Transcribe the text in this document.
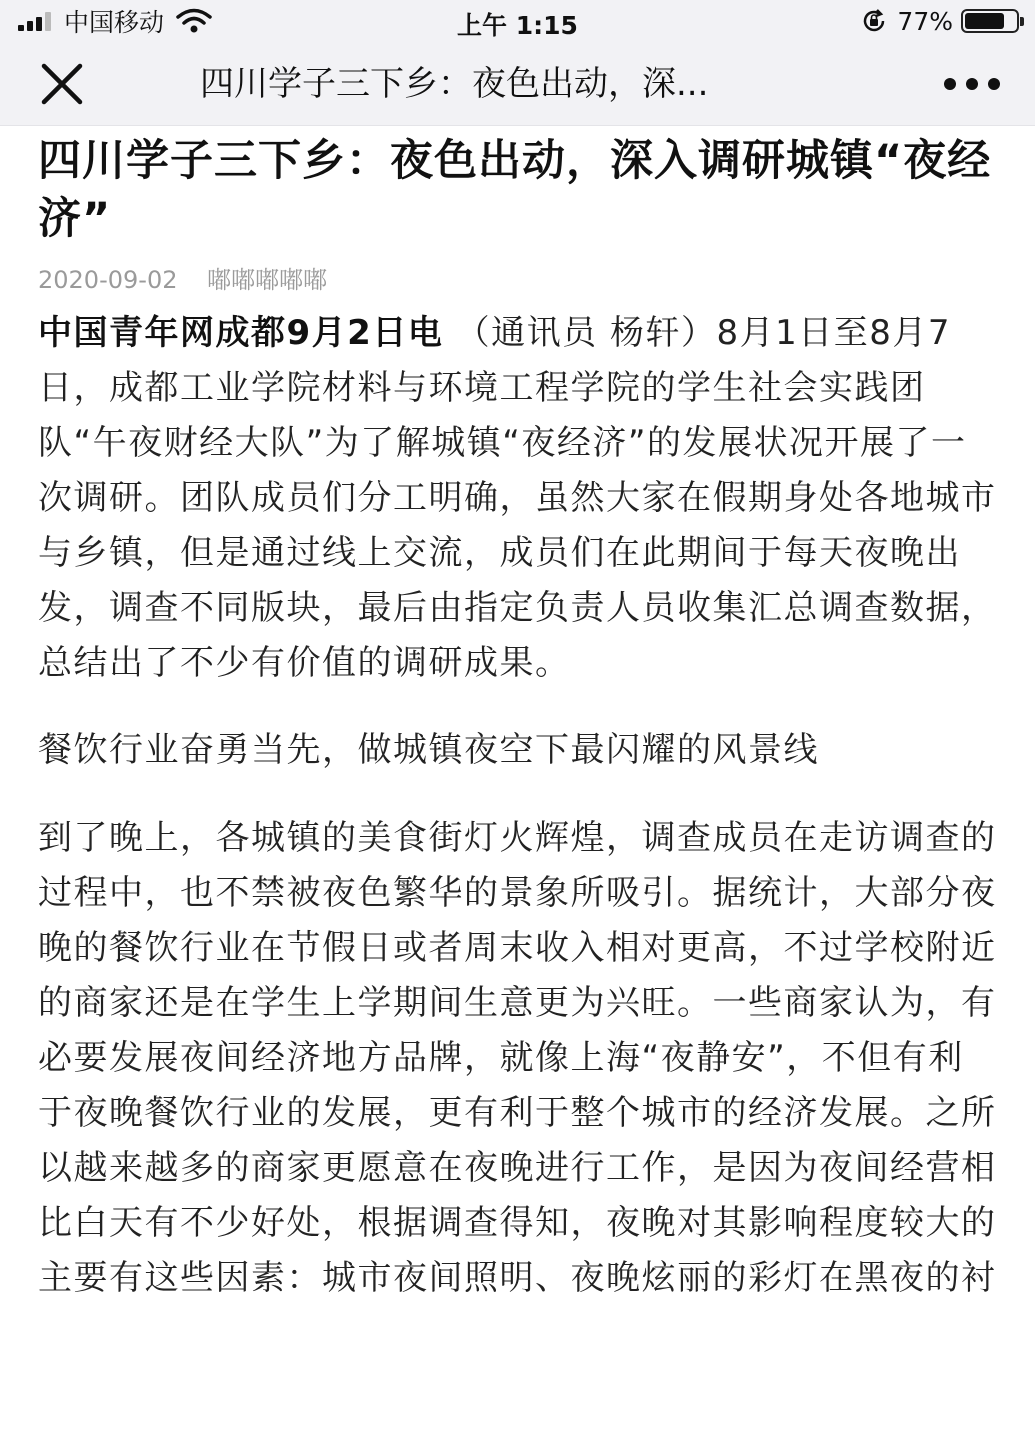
中国移动	上午 1:15	77%
四川学子三下乡：夜色出动，深...
四川学子三下乡：夜色出动，深入调研城镇“夜经济”
2020-09-02 嘟嘟嘟嘟嘟

中国青年网成都9月2日电 （通讯员 杨轩）8月1日至8月7日，成都工业学院材料与环境工程学院的学生社会实践团队“午夜财经大队”为了解城镇“夜经济”的发展状况开展了一次调研。团队成员们分工明确，虽然大家在假期身处各地城市与乡镇，但是通过线上交流，成员们在此期间于每天夜晚出发，调查不同版块，最后由指定负责人员收集汇总调查数据，总结出了不少有价值的调研成果。

餐饮行业奋勇当先，做城镇夜空下最闪耀的风景线

到了晚上，各城镇的美食街灯火辉煌，调查成员在走访调查的过程中，也不禁被夜色繁华的景象所吸引。据统计，大部分夜晚的餐饮行业在节假日或者周末收入相对更高，不过学校附近的商家还是在学生上学期间生意更为兴旺。一些商家认为，有必要发展夜间经济地方品牌，就像上海“夜静安”，不但有利于夜晚餐饮行业的发展，更有利于整个城市的经济发展。之所以越来越多的商家更愿意在夜晚进行工作，是因为夜间经营相比白天有不少好处，根据调查得知，夜晚对其影响程度较大的主要有这些因素：城市夜间照明、夜晚炫丽的彩灯在黑夜的衬
